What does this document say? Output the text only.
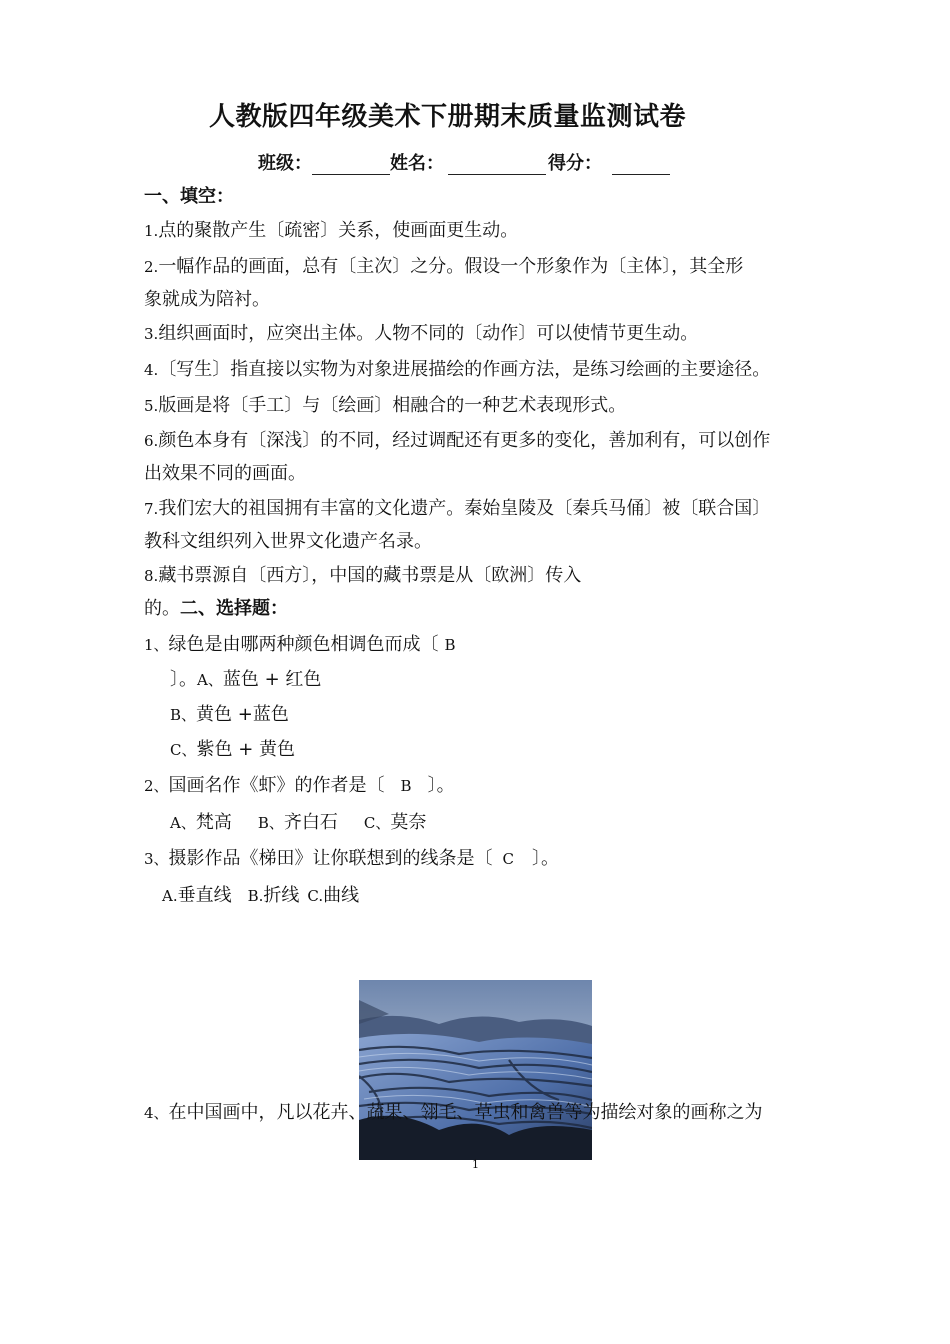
人教版四年级美术下册期末质量监测试卷
班级：	姓名：	得分：
一、填空：
1.点的聚散产生〔疏密〕关系，使画面更生动。
2.一幅作品的画面，总有〔主次〕之分。假设一个形象作为〔主体〕，其全形
象就成为陪衬。
3.组织画面时，应突出主体。人物不同的〔动作〕可以使情节更生动。
4.〔写生〕指直接以实物为对象进展描绘的作画方法，是练习绘画的主要途径。
5.版画是将〔手工〕与〔绘画〕相融合的一种艺术表现形式。
6.颜色本身有〔深浅〕的不同，经过调配还有更多的变化，善加利有，可以创作
出效果不同的画面。
7.我们宏大的祖国拥有丰富的文化遗产。秦始皇陵及〔秦兵马俑〕被〔联合国〕
教科文组织列入世界文化遗产名录。
8.藏书票源自〔西方〕，中国的藏书票是从〔欧洲〕传入
的。二、选择题：
1、绿色是由哪两种颜色相调色而成〔 B
〕。A、蓝色 + 红色
B、黄色 +蓝色
C、紫色 + 黄色
2、国画名作《虾》的作者是〔 B 〕。
A、梵高 B、齐白石 C、莫奈
3、摄影作品《梯田》让你联想到的线条是〔 C 〕。
A.垂直线 B.折线 C.曲线
4、在中国画中，凡以花卉、蔬果、翎毛、草虫和禽兽等为描绘对象的画称之为
1
